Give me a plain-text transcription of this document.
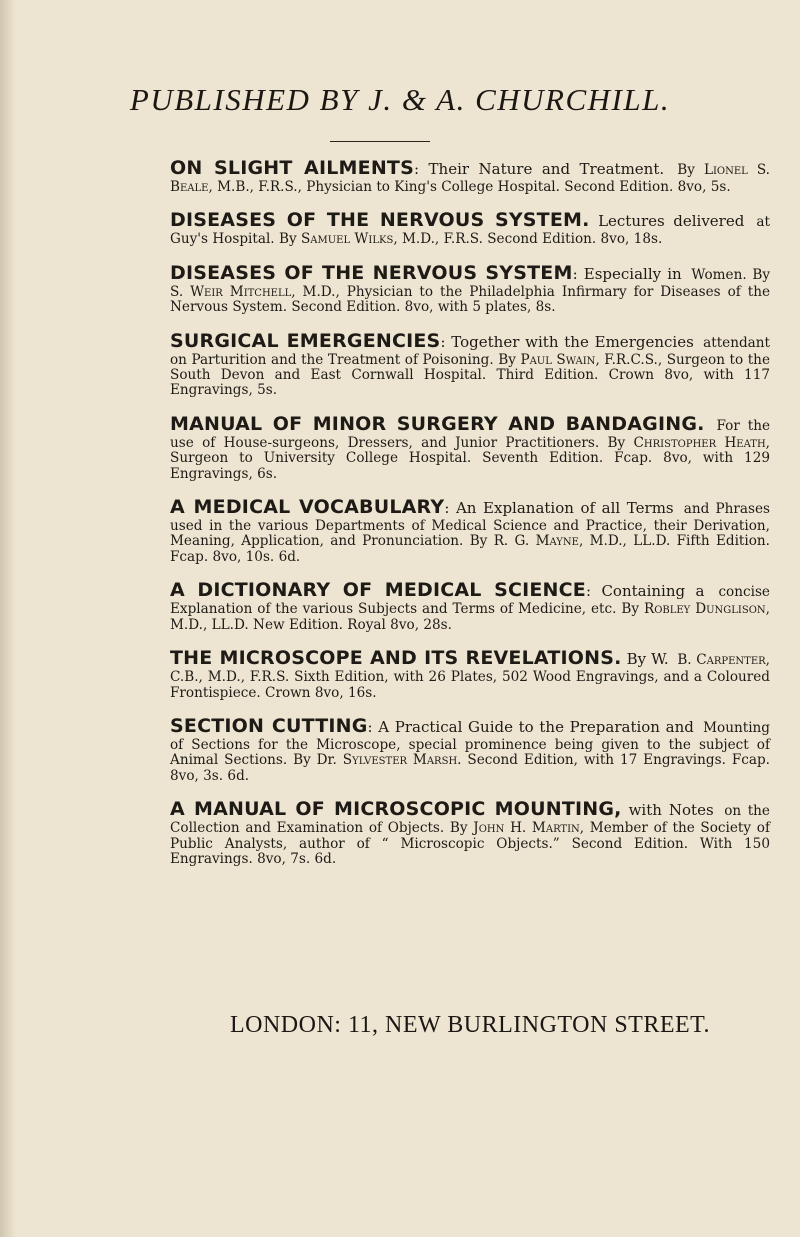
PUBLISHED BY J. & A. CHURCHILL.
ON SLIGHT AILMENTS: Their Nature and Treatment. By Lionel S. Beale, M.B., F.R.S., Physician to King's College Hospital. Second Edition. 8vo, 5s.
DISEASES OF THE NERVOUS SYSTEM. Lectures delivered at Guy's Hospital. By Samuel Wilks, M.D., F.R.S. Second Edition. 8vo, 18s.
DISEASES OF THE NERVOUS SYSTEM: Especially in Women. By S. Weir Mitchell, M.D., Physician to the Philadelphia Infirmary for Diseases of the Nervous System. Second Edition. 8vo, with 5 plates, 8s.
SURGICAL EMERGENCIES: Together with the Emergencies attendant on Parturition and the Treatment of Poisoning. By Paul Swain, F.R.C.S., Surgeon to the South Devon and East Cornwall Hospital. Third Edition. Crown 8vo, with 117 Engravings, 5s.
MANUAL OF MINOR SURGERY AND BANDAGING. For the use of House-surgeons, Dressers, and Junior Practitioners. By Christopher Heath, Surgeon to University College Hospital. Seventh Edition. Fcap. 8vo, with 129 Engravings, 6s.
A MEDICAL VOCABULARY: An Explanation of all Terms and Phrases used in the various Departments of Medical Science and Practice, their Derivation, Meaning, Application, and Pronunciation. By R. G. Mayne, M.D., LL.D. Fifth Edition. Fcap. 8vo, 10s. 6d.
A DICTIONARY OF MEDICAL SCIENCE: Containing a concise Explanation of the various Subjects and Terms of Medicine, etc. By Robley Dunglison, M.D., LL.D. New Edition. Royal 8vo, 28s.
THE MICROSCOPE AND ITS REVELATIONS. By W. B. Carpenter, C.B., M.D., F.R.S. Sixth Edition, with 26 Plates, 502 Wood Engravings, and a Coloured Frontispiece. Crown 8vo, 16s.
SECTION CUTTING: A Practical Guide to the Preparation and Mounting of Sections for the Microscope, special prominence being given to the subject of Animal Sections. By Dr. Sylvester Marsh. Second Edition, with 17 Engravings. Fcap. 8vo, 3s. 6d.
A MANUAL OF MICROSCOPIC MOUNTING, with Notes on the Collection and Examination of Objects. By John H. Martin, Member of the Society of Public Analysts, author of “ Microscopic Objects.” Second Edition. With 150 Engravings. 8vo, 7s. 6d.
LONDON: 11, NEW BURLINGTON STREET.
